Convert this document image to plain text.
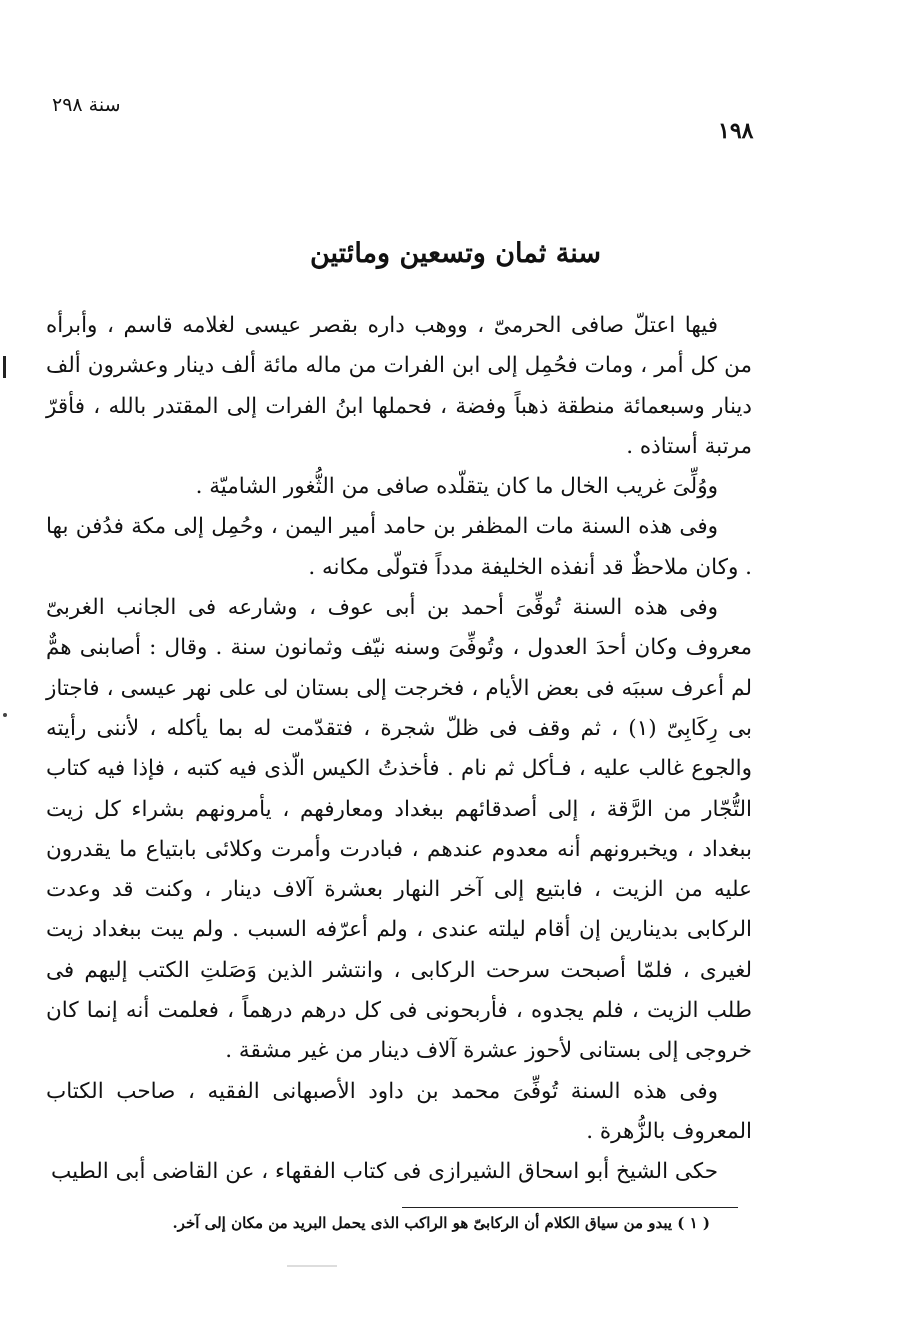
سنة ٢٩٨
١٩٨
سنة ثمان وتسعين ومائتين

فيها اعتلّ صافى الحرمىّ ، ووهب داره بقصر عيسى لغلامه قاسم ، وأبرأه من كل أمر ، ومات فحُمِل إلى ابن الفرات من ماله مائة ألف دينار وعشرون ألف دينار وسبعمائة منطقة ذهباً وفضة ، فحملها ابنُ الفرات إلى المقتدر بالله ، فأقرّ مرتبة أستاذه .

ووُلِّىَ غريب الخال ما كان يتقلّده صافى من الثُّغور الشاميّة .

وفى هذه السنة مات المظفر بن حامد أمير اليمن ، وحُمِل إلى مكة فدُفن بها . وكان ملاحظٌ قد أنفذه الخليفة مدداً فتولّى مكانه .

وفى هذه السنة تُوفِّىَ أحمد بن أبى عوف ، وشارعه فى الجانب الغربىّ معروف وكان أحدَ العدول ، وتُوفِّىَ وسنه نيّف وثمانون سنة . وقال : أصابنى همٌّ لم أعرف سببَه فى بعض الأيام ، فخرجت إلى بستان لى على نهر عيسى ، فاجتاز بى رِكَابِىّ (١) ، ثم وقف فى ظلّ شجرة ، فتقدّمت له بما يأكله ، لأننى رأيته والجوع غالب عليه ، فـأكل ثم نام . فأخذتُ الكيس الّذى فيه كتبه ، فإذا فيه كتاب التُّجّار من الرَّقة ، إلى أصدقائهم ببغداد ومعارفهم ، يأمرونهم بشراء كل زيت ببغداد ، ويخبرونهم أنه معدوم عندهم ، فبادرت وأمرت وكلائى بابتياع ما يقدرون عليه من الزيت ، فابتيع إلى آخر النهار بعشرة آلاف دينار ، وكنت قد وعدت الركابى بدينارين إن أقام ليلته عندى ، ولم أعرّفه السبب . ولم يبت ببغداد زيت لغيرى ، فلمّا أصبحت سرحت الركابى ، وانتشر الذين وَصَلتِ الكتب إليهم فى طلب الزيت ، فلم يجدوه ، فأربحونى فى كل درهم درهماً ، فعلمت أنه إنما كان خروجى إلى بستانى لأحوز عشرة آلاف دينار من غير مشقة .

وفى هذه السنة تُوفِّىَ محمد بن داود الأصبهانى الفقيه ، صاحب الكتاب المعروف بالزُّهرة .

حكى الشيخ أبو اسحاق الشيرازى فى كتاب الفقهاء ، عن القاضى أبى الطيب

( ١ ) يبدو من سياق الكلام أن الركابىّ هو الراكب الذى يحمل البريد من مكان إلى آخر.
